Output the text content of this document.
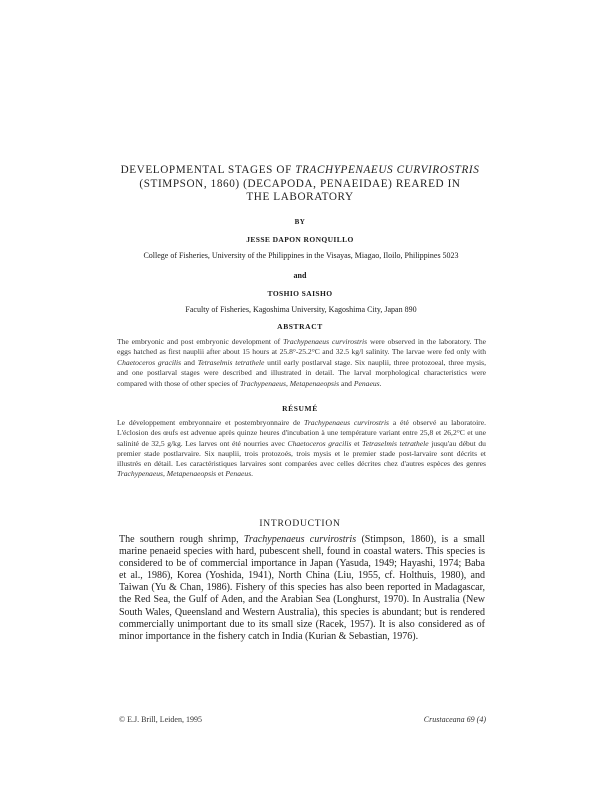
DEVELOPMENTAL STAGES OF TRACHYPENAEUS CURVIROSTRIS
(STIMPSON, 1860) (DECAPODA, PENAEIDAE) REARED IN
THE LABORATORY
BY
JESSE DAPON RONQUILLO
College of Fisheries, University of the Philippines in the Visayas, Miagao, Iloilo, Philippines 5023
and
TOSHIO SAISHO
Faculty of Fisheries, Kagoshima University, Kagoshima City, Japan 890
ABSTRACT
The embryonic and post embryonic development of Trachypenaeus curvirostris were observed in the laboratory. The eggs hatched as first nauplii after about 15 hours at 25.8°-25.2°C and 32.5 kg/l salinity. The larvae were fed only with Chaetoceros gracilis and Tetraselmis tetrathele until early postlarval stage. Six nauplii, three protozoeal, three mysis, and one postlarval stages were described and illustrated in detail. The larval morphological characteristics were compared with those of other species of Trachypenaeus, Metapenaeopsis and Penaeus.
RÉSUMÉ
Le développement embryonnaire et postembryonnaire de Trachypenaeus curvirostris a été observé au laboratoire. L'éclosion des œufs est advenue après quinze heures d'incubation à une température variant entre 25,8 et 26,2°C et une salinité de 32,5 g/kg. Les larves ont été nourries avec Chaetoceros gracilis et Tetraselmis tetrathele jusqu'au début du premier stade postlarvaire. Six nauplii, trois protozoés, trois mysis et le premier stade post-larvaire sont décrits et illustrés en détail. Les caractéristiques larvaires sont comparées avec celles décrites chez d'autres espèces des genres Trachypenaeus, Metapenaeopsis et Penaeus.
INTRODUCTION
The southern rough shrimp, Trachypenaeus curvirostris (Stimpson, 1860), is a small marine penaeid species with hard, pubescent shell, found in coastal waters. This species is considered to be of commercial importance in Japan (Yasuda, 1949; Hayashi, 1974; Baba et al., 1986), Korea (Yoshida, 1941), North China (Liu, 1955, cf. Holthuis, 1980), and Taiwan (Yu & Chan, 1986). Fishery of this species has also been reported in Madagascar, the Red Sea, the Gulf of Aden, and the Arabian Sea (Longhurst, 1970). In Australia (New South Wales, Queensland and Western Australia), this species is abundant; but is rendered commercially unimportant due to its small size (Racek, 1957). It is also considered as of minor importance in the fishery catch in India (Kurian & Sebastian, 1976).
© E.J. Brill, Leiden, 1995	Crustaceana 69 (4)
